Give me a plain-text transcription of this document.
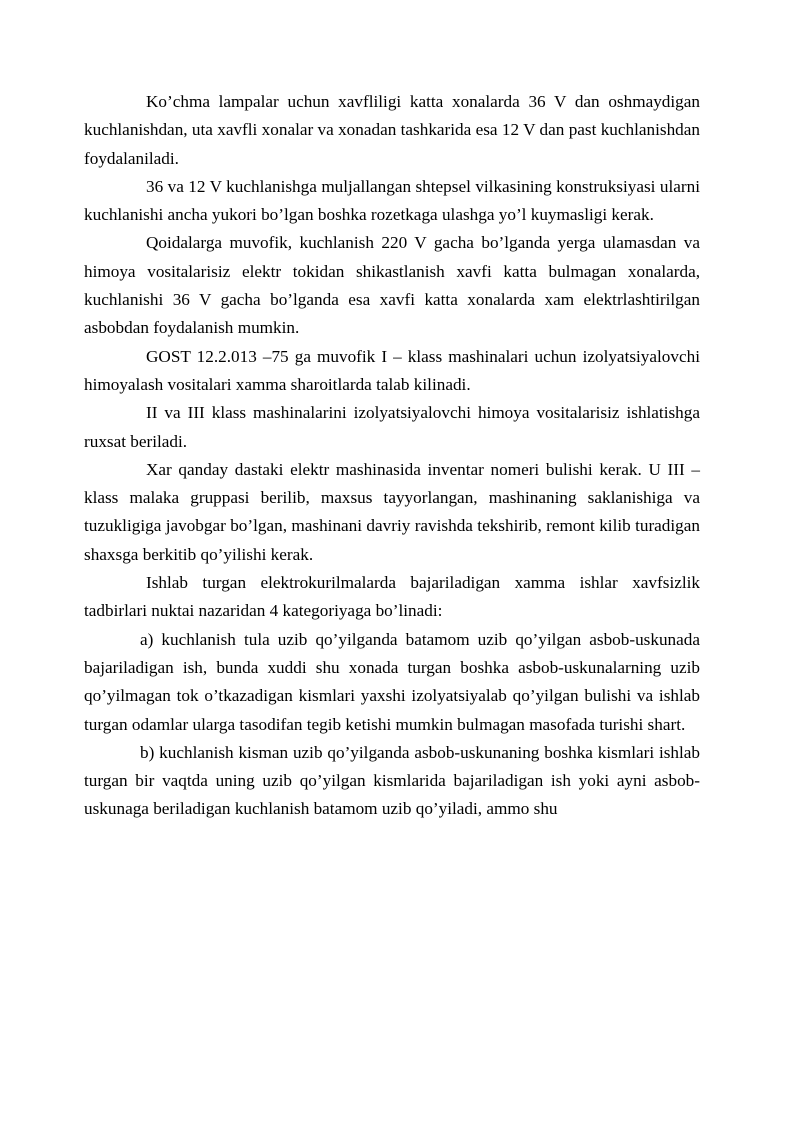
Ko’chma lampalar uchun xavfliligi katta xonalarda 36 V dan oshmaydigan kuchlanishdan, uta xavfli xonalar va xonadan tashkarida esa 12 V dan past kuchlanishdan foydalaniladi.

36 va 12 V kuchlanishga muljallangan shtepsel vilkasining konstruksiyasi ularni kuchlanishi ancha yukori bo’lgan boshka rozetkaga ulashga yo’l kuymasligi kerak.

Qoidalarga muvofik, kuchlanish 220 V gacha bo’lganda yerga ulamasdan va himoya vositalarisiz elektr tokidan shikastlanish xavfi katta bulmagan xonalarda, kuchlanishi 36 V gacha bo’lganda esa xavfi katta xonalarda xam elektrlashtirilgan asbobdan foydalanish mumkin.

GOST 12.2.013 –75 ga muvofik I – klass mashinalari uchun izolyatsiyalovchi himoyalash vositalari xamma sharoitlarda talab kilinadi.

II va III klass mashinalarini izolyatsiyalovchi himoya vositalarisiz ishlatishga ruxsat beriladi.

Xar qanday dastaki elektr mashinasida inventar nomeri bulishi kerak. U III – klass malaka gruppasi berilib, maxsus tayyorlangan, mashinaning saklanishiga va tuzukligiga javobgar bo’lgan, mashinani davriy ravishda tekshirib, remont kilib turadigan shaxsga berkitib qo’yilishi kerak.

Ishlab turgan elektrokurilmalarda bajariladigan xamma ishlar xavfsizlik tadbirlari nuktai nazaridan 4 kategoriyaga bo’linadi:

a) kuchlanish tula uzib qo’yilganda batamom uzib qo’yilgan asbob-uskunada bajariladigan ish, bunda xuddi shu xonada turgan boshka asbob-uskunalarning uzib qo’yilmagan tok o’tkazadigan kismlari yaxshi izolyatsiyalab qo’yilgan bulishi va ishlab turgan odamlar ularga tasodifan tegib ketishi mumkin bulmagan masofada turishi shart.

b) kuchlanish kisman uzib qo’yilganda asbob-uskunaning boshka kismlari ishlab turgan bir vaqtda uning uzib qo’yilgan kismlarida bajariladigan ish yoki ayni asbob-uskunaga beriladigan kuchlanish batamom uzib qo’yiladi, ammo shu
